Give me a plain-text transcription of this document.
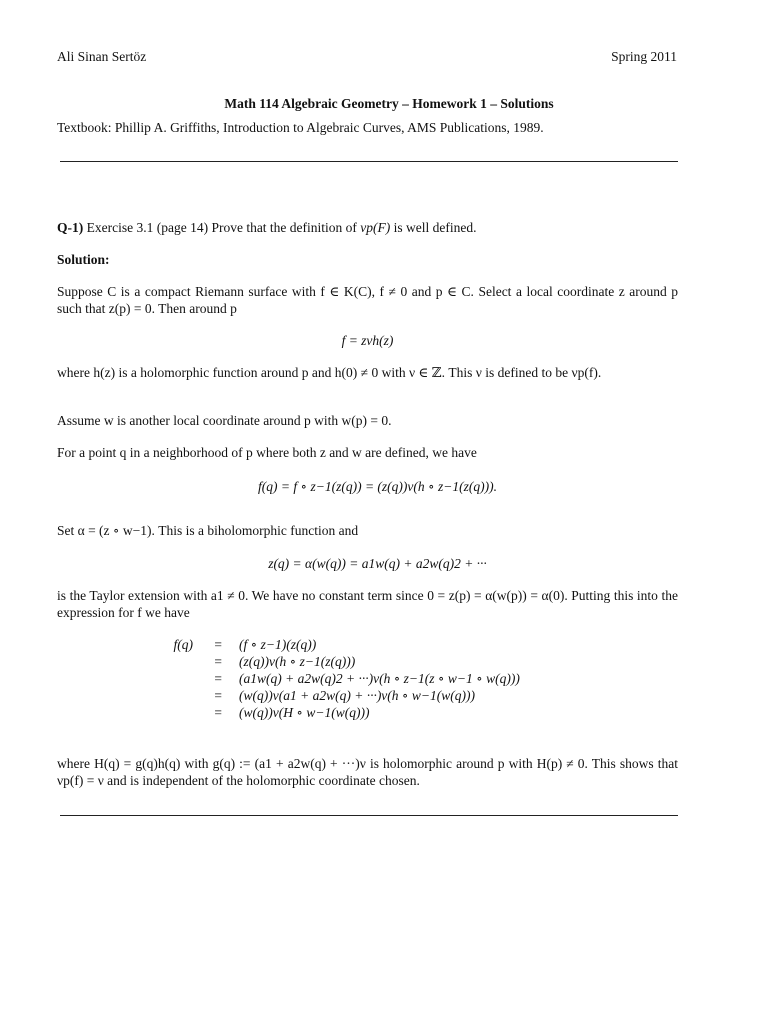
Ali Sinan Sertöz	Spring 2011
Math 114 Algebraic Geometry – Homework 1 – Solutions
Textbook: Phillip A. Griffiths, Introduction to Algebraic Curves, AMS Publications, 1989.
Q-1) Exercise 3.1 (page 14) Prove that the definition of νp(F) is well defined.
Solution:
Suppose C is a compact Riemann surface with f ∈ K(C), f ≠ 0 and p ∈ C. Select a local coordinate z around p such that z(p) = 0. Then around p
f = zνh(z)
where h(z) is a holomorphic function around p and h(0) ≠ 0 with ν ∈ ℤ. This ν is defined to be νp(f).
Assume w is another local coordinate around p with w(p) = 0.
For a point q in a neighborhood of p where both z and w are defined, we have
f(q) = f ∘ z−1(z(q)) = (z(q))ν(h ∘ z−1(z(q))).
Set α = (z ∘ w−1). This is a biholomorphic function and
z(q) = α(w(q)) = a1w(q) + a2w(q)2 + ···
is the Taylor extension with a1 ≠ 0. We have no constant term since 0 = z(p) = α(w(p)) = α(0). Putting this into the expression for f we have
f(q)	=	(f ∘ z−1)(z(q))
	=	(z(q))ν(h ∘ z−1(z(q)))
	=	(a1w(q) + a2w(q)2 + ···)ν(h ∘ z−1(z ∘ w−1 ∘ w(q)))
	=	(w(q))ν(a1 + a2w(q) + ···)ν(h ∘ w−1(w(q)))
	=	(w(q))ν(H ∘ w−1(w(q)))
where H(q) = g(q)h(q) with g(q) := (a1 + a2w(q) + ···)ν is holomorphic around p with H(p) ≠ 0. This shows that νp(f) = ν and is independent of the holomorphic coordinate chosen.
